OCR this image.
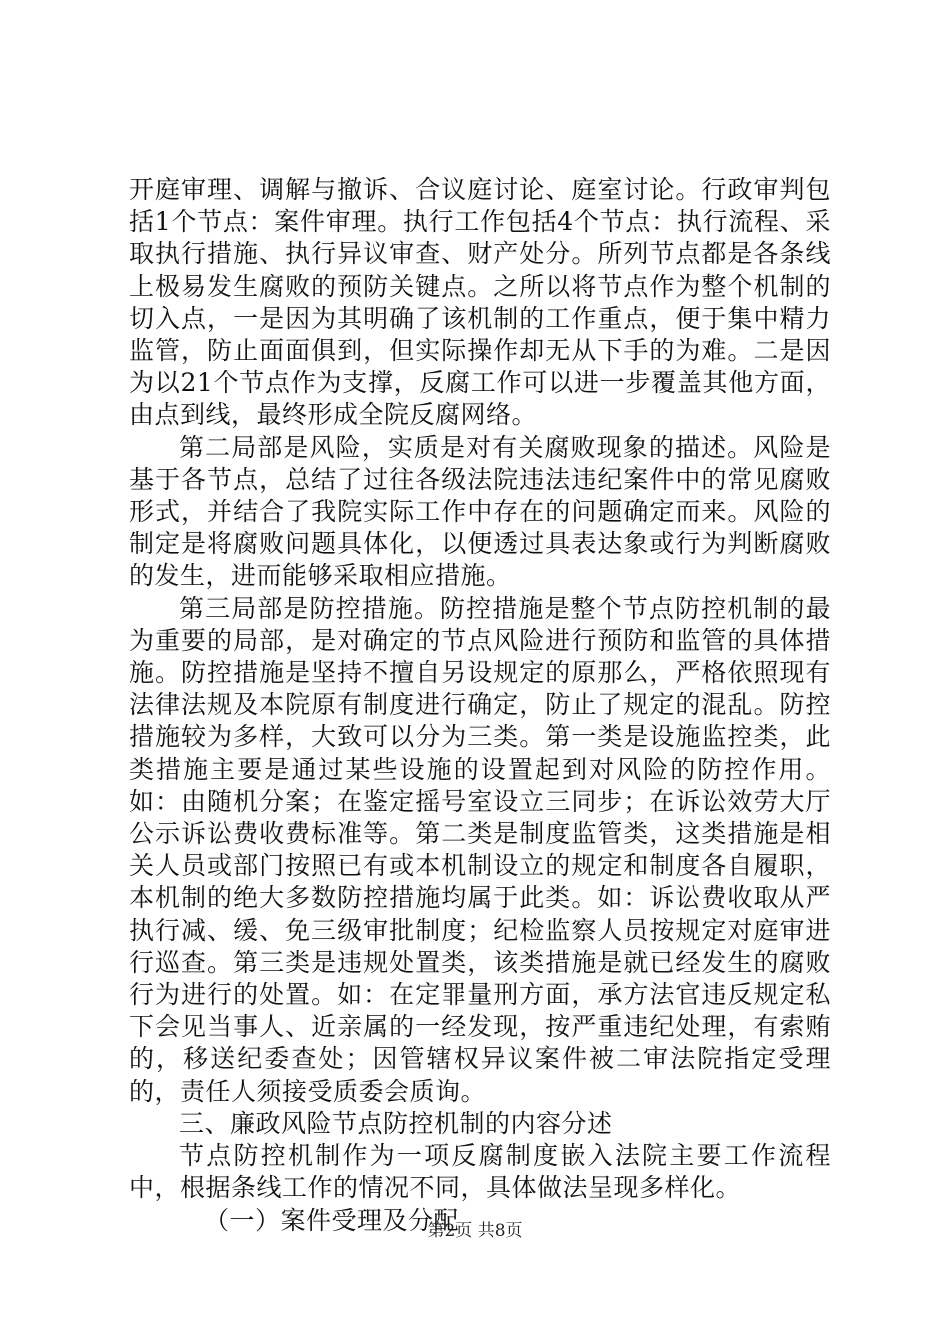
开庭审理、调解与撤诉、合议庭讨论、庭室讨论。行政审判包括1个节点：案件审理。执行工作包括4个节点：执行流程、采取执行措施、执行异议审查、财产处分。所列节点都是各条线上极易发生腐败的预防关键点。之所以将节点作为整个机制的切入点，一是因为其明确了该机制的工作重点，便于集中精力监管，防止面面俱到，但实际操作却无从下手的为难。二是因为以21个节点作为支撑，反腐工作可以进一步覆盖其他方面，由点到线，最终形成全院反腐网络。

第二局部是风险，实质是对有关腐败现象的描述。风险是基于各节点，总结了过往各级法院违法违纪案件中的常见腐败形式，并结合了我院实际工作中存在的问题确定而来。风险的制定是将腐败问题具体化，以便透过具表达象或行为判断腐败的发生，进而能够采取相应措施。

第三局部是防控措施。防控措施是整个节点防控机制的最为重要的局部，是对确定的节点风险进行预防和监管的具体措施。防控措施是坚持不擅自另设规定的原那么，严格依照现有法律法规及本院原有制度进行确定，防止了规定的混乱。防控措施较为多样，大致可以分为三类。第一类是设施监控类，此类措施主要是通过某些设施的设置起到对风险的防控作用。如：由随机分案；在鉴定摇号室设立三同步；在诉讼效劳大厅公示诉讼费收费标准等。第二类是制度监管类，这类措施是相关人员或部门按照已有或本机制设立的规定和制度各自履职，本机制的绝大多数防控措施均属于此类。如：诉讼费收取从严执行减、缓、免三级审批制度；纪检监察人员按规定对庭审进行巡查。第三类是违规处置类，该类措施是就已经发生的腐败行为进行的处置。如：在定罪量刑方面，承方法官违反规定私下会见当事人、近亲属的一经发现，按严重违纪处理，有索贿的，移送纪委查处；因管辖权异议案件被二审法院指定受理的，责任人须接受质委会质询。

三、廉政风险节点防控机制的内容分述

节点防控机制作为一项反腐制度嵌入法院主要工作流程中，根据条线工作的情况不同，具体做法呈现多样化。

（一）案件受理及分配

第2页 共8页
